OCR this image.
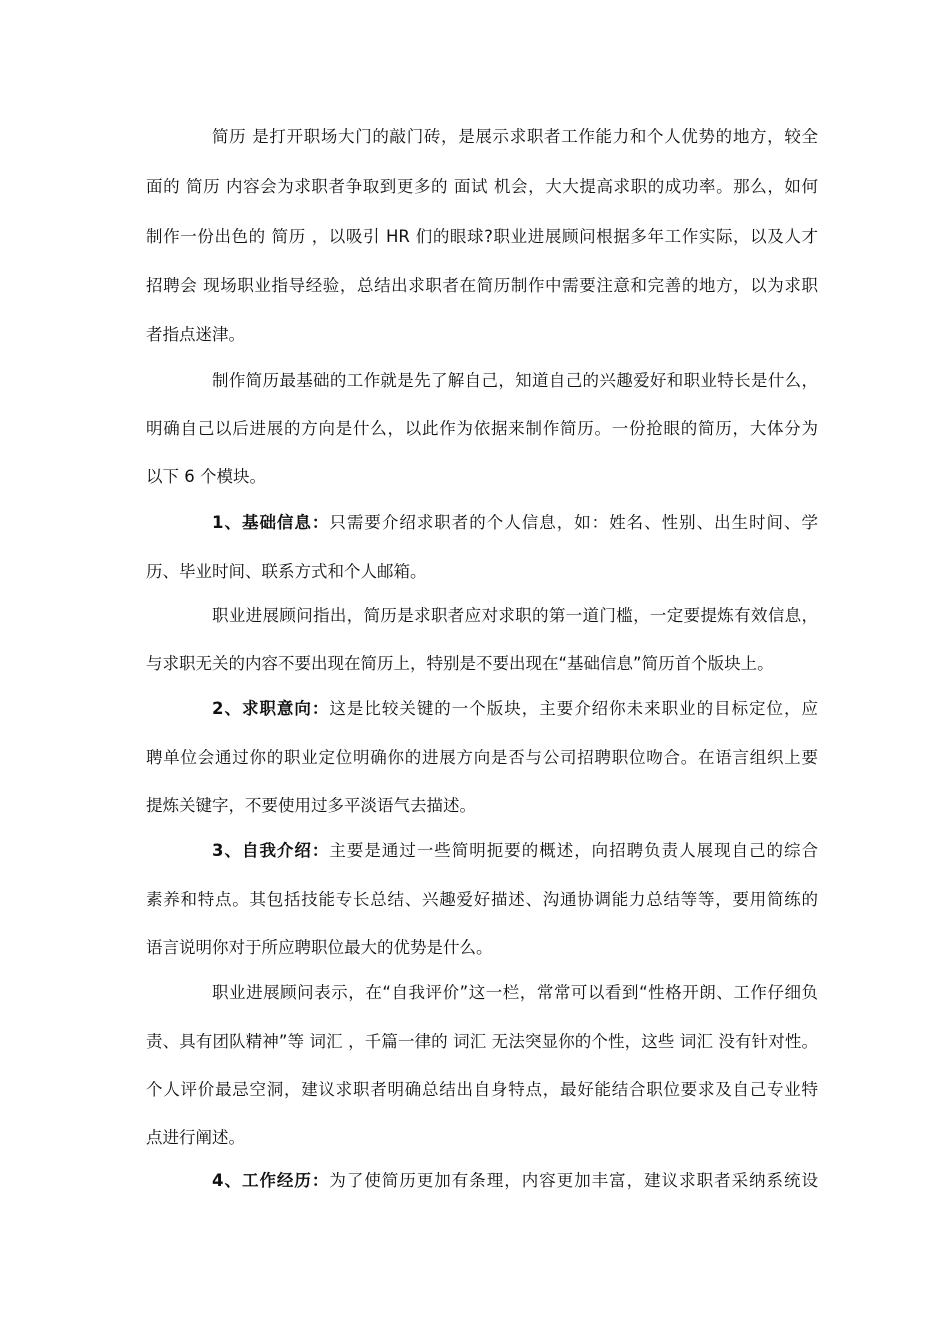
简历 是打开职场大门的敲门砖，是展示求职者工作能力和个人优势的地方，较全
面的 简历 内容会为求职者争取到更多的 面试 机会，大大提高求职的成功率。那么，如何
制作一份出色的 简历 ，以吸引 HR 们的眼球?职业进展顾问根据多年工作实际，以及人才
招聘会 现场职业指导经验，总结出求职者在简历制作中需要注意和完善的地方，以为求职
者指点迷津。
制作简历最基础的工作就是先了解自己，知道自己的兴趣爱好和职业特长是什么，
明确自己以后进展的方向是什么，以此作为依据来制作简历。一份抢眼的简历，大体分为
以下 6 个模块。
1、基础信息：只需要介绍求职者的个人信息，如：姓名、性别、出生时间、学
历、毕业时间、联系方式和个人邮箱。
职业进展顾问指出，简历是求职者应对求职的第一道门槛，一定要提炼有效信息，
与求职无关的内容不要出现在简历上，特别是不要出现在“基础信息”简历首个版块上。
2、求职意向：这是比较关键的一个版块，主要介绍你未来职业的目标定位，应
聘单位会通过你的职业定位明确你的进展方向是否与公司招聘职位吻合。在语言组织上要
提炼关键字，不要使用过多平淡语气去描述。
3、自我介绍：主要是通过一些简明扼要的概述，向招聘负责人展现自己的综合
素养和特点。其包括技能专长总结、兴趣爱好描述、沟通协调能力总结等等，要用简练的
语言说明你对于所应聘职位最大的优势是什么。
职业进展顾问表示，在“自我评价”这一栏，常常可以看到“性格开朗、工作仔细负
责、具有团队精神”等 词汇 ，千篇一律的 词汇 无法突显你的个性，这些 词汇 没有针对性。
个人评价最忌空洞，建议求职者明确总结出自身特点，最好能结合职位要求及自己专业特
点进行阐述。
4、工作经历：为了使简历更加有条理，内容更加丰富，建议求职者采纳系统设
